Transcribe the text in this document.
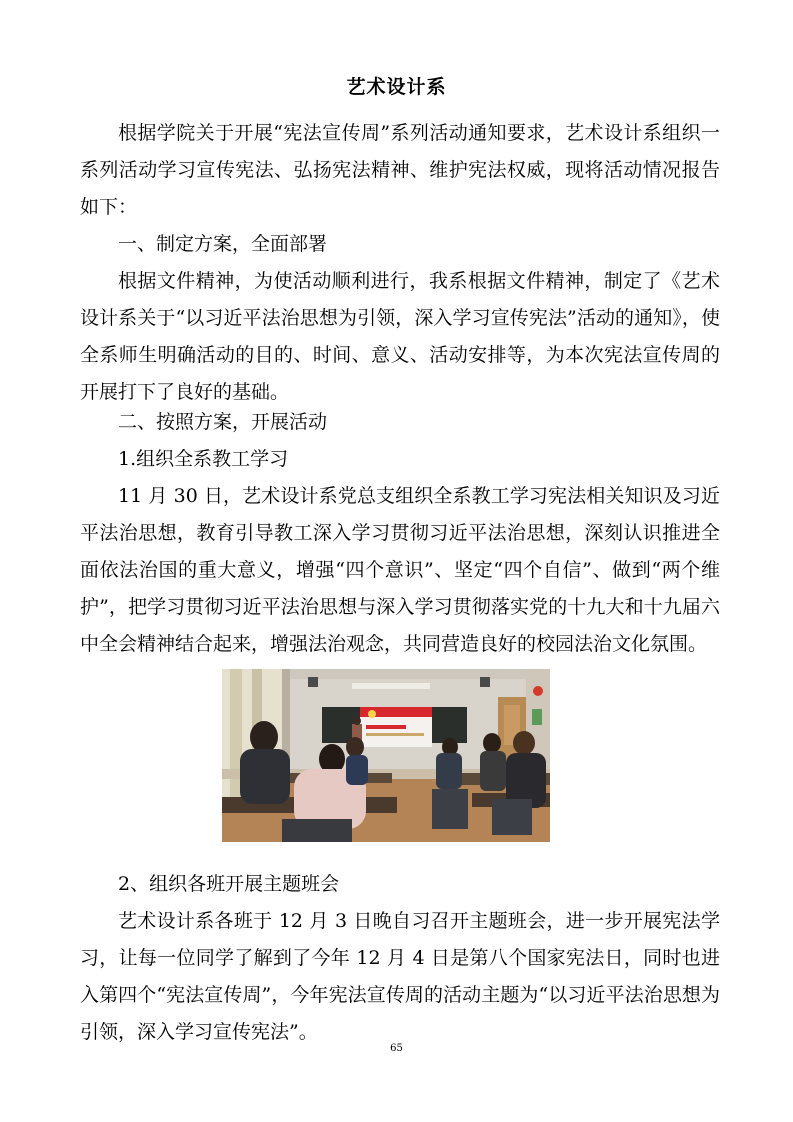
艺术设计系
根据学院关于开展“宪法宣传周”系列活动通知要求，艺术设计系组织一系列活动学习宣传宪法、弘扬宪法精神、维护宪法权威，现将活动情况报告如下：
一、制定方案，全面部署
根据文件精神，为使活动顺利进行，我系根据文件精神，制定了《艺术设计系关于“以习近平法治思想为引领，深入学习宣传宪法”活动的通知》，使全系师生明确活动的目的、时间、意义、活动安排等，为本次宪法宣传周的开展打下了良好的基础。
二、按照方案，开展活动
1.组织全系教工学习
11 月 30 日，艺术设计系党总支组织全系教工学习宪法相关知识及习近平法治思想，教育引导教工深入学习贯彻习近平法治思想，深刻认识推进全面依法治国的重大意义，增强“四个意识”、坚定“四个自信”、做到“两个维护”，把学习贯彻习近平法治思想与深入学习贯彻落实党的十九大和十九届六中全会精神结合起来，增强法治观念，共同营造良好的校园法治文化氛围。
2、组织各班开展主题班会
艺术设计系各班于 12 月 3 日晚自习召开主题班会，进一步开展宪法学习，让每一位同学了解到了今年 12 月 4 日是第八个国家宪法日，同时也进入第四个“宪法宣传周”，今年宪法宣传周的活动主题为“以习近平法治思想为引领，深入学习宣传宪法”。
65
